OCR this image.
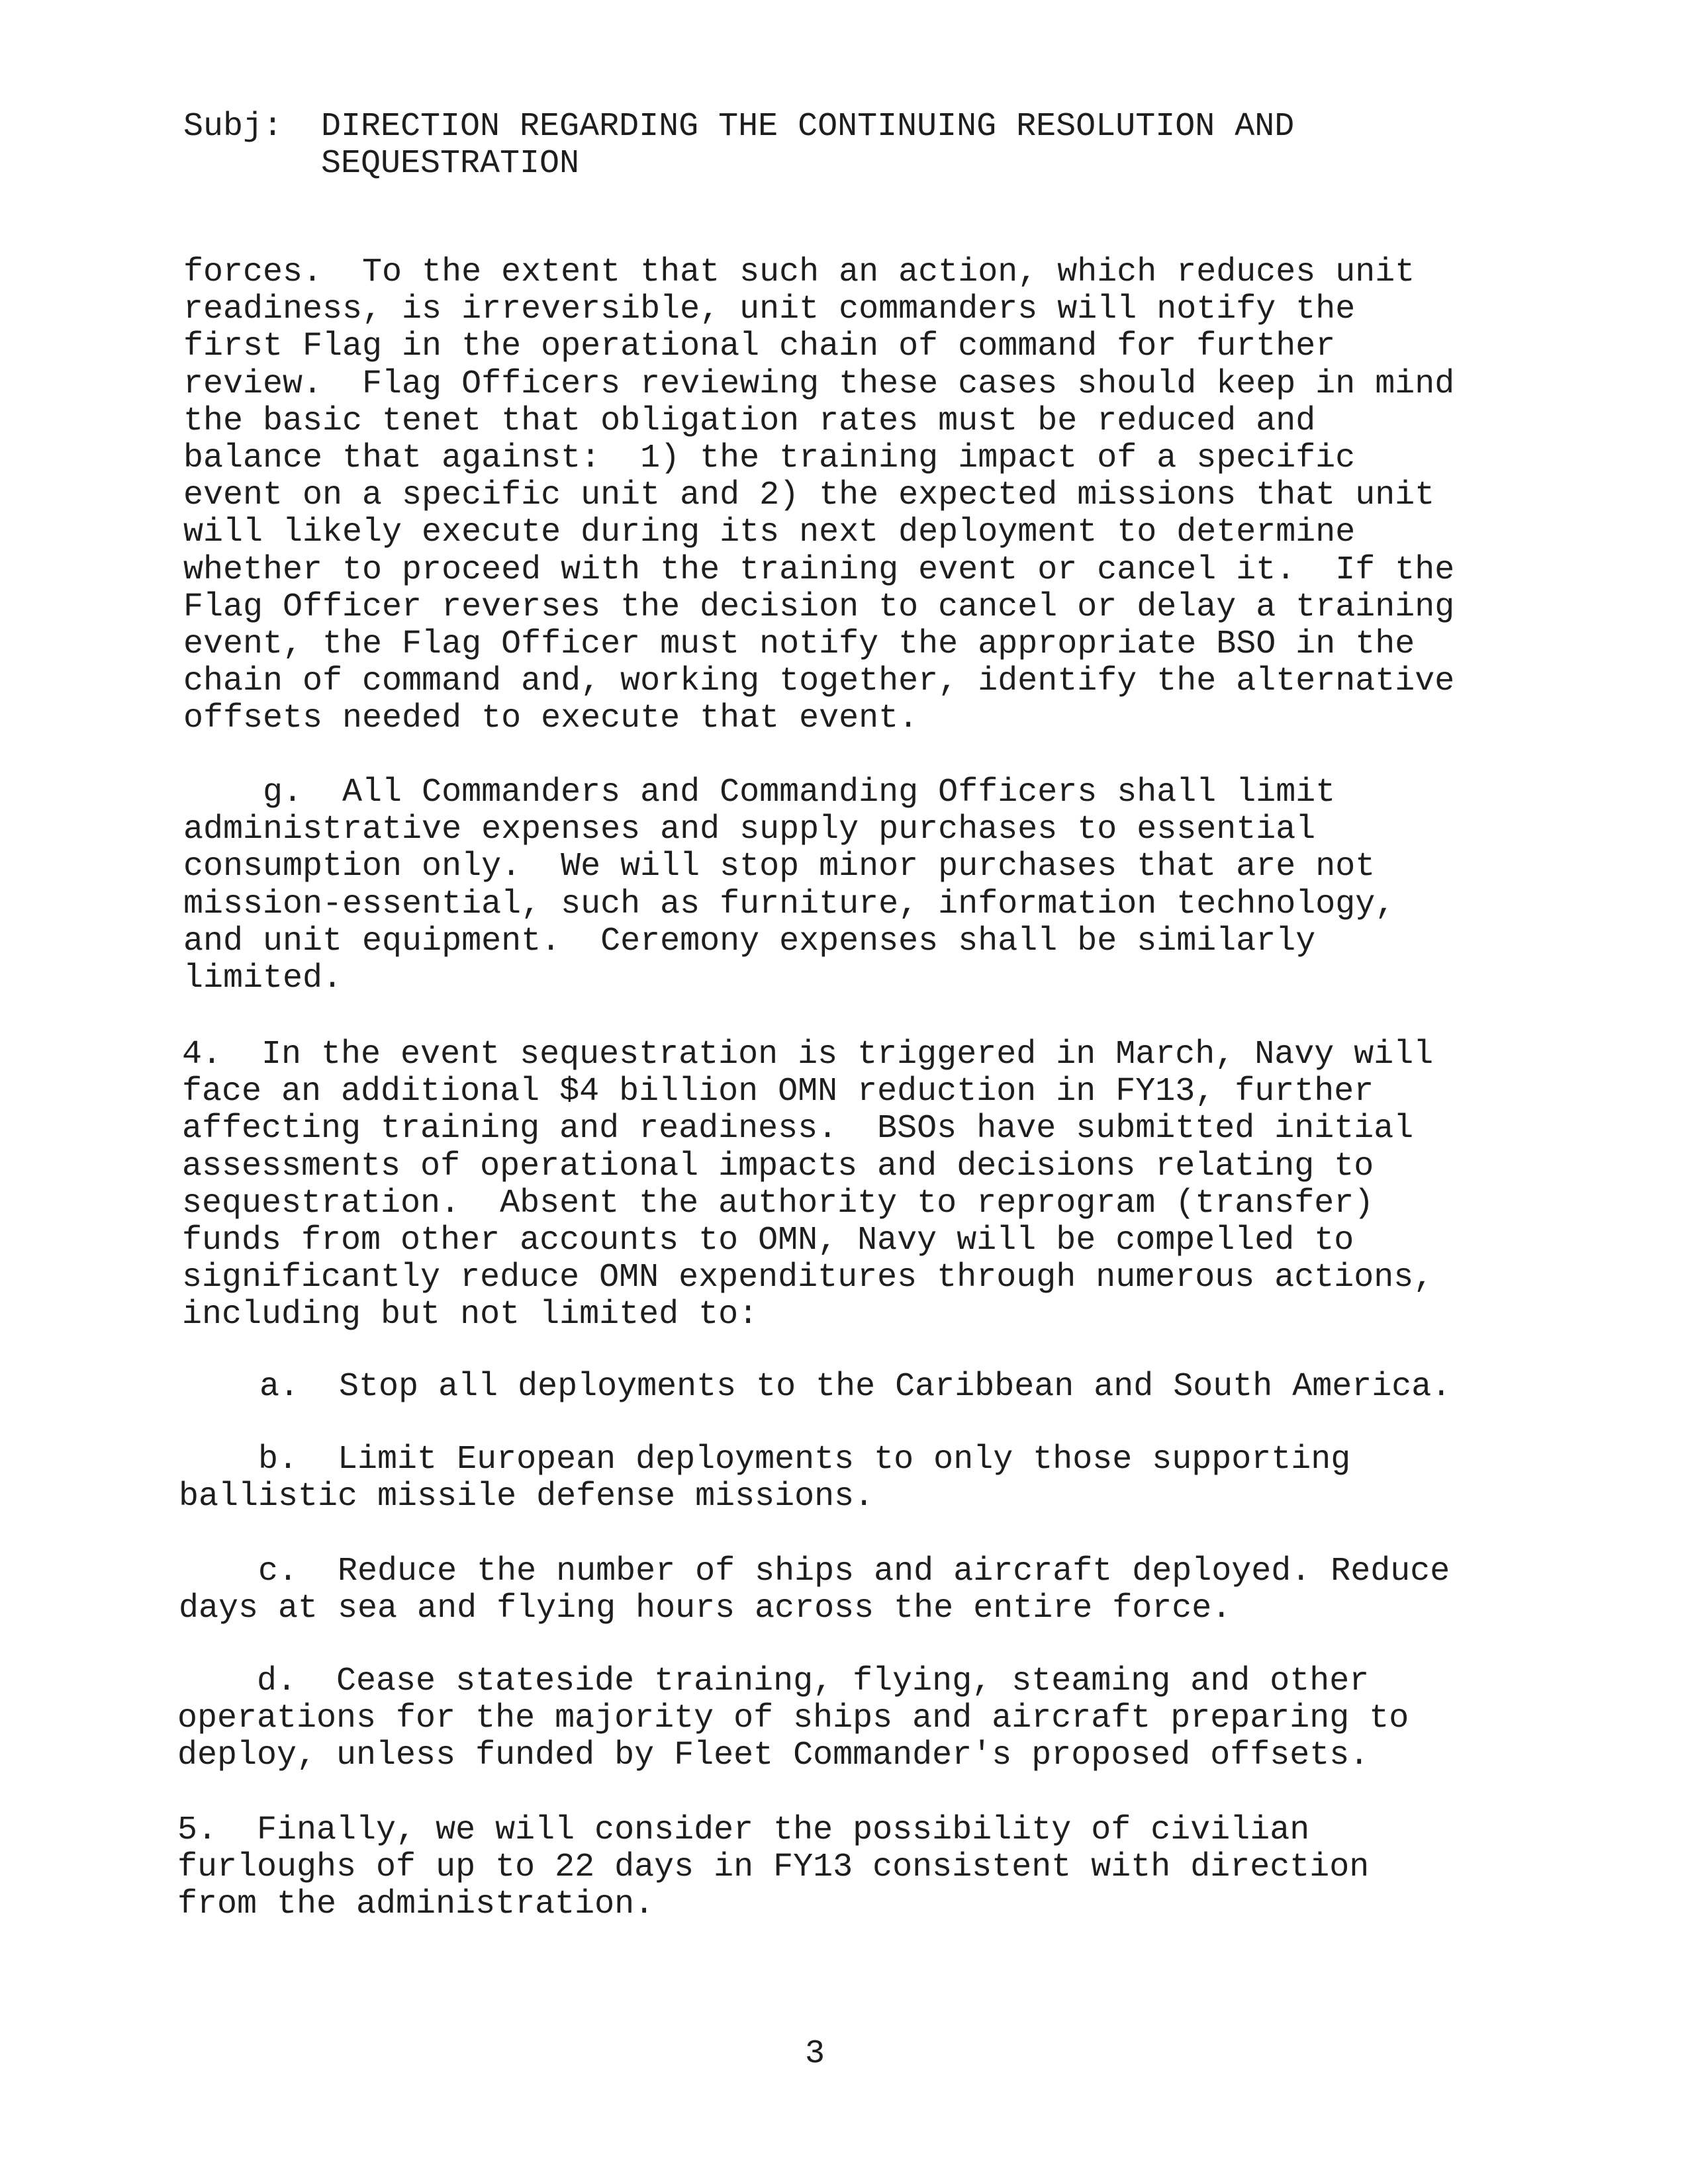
Subj: DIRECTION REGARDING THE CONTINUING RESOLUTION AND
SEQUESTRATION
forces.  To the extent that such an action, which reduces unit
readiness, is irreversible, unit commanders will notify the
first Flag in the operational chain of command for further
review.  Flag Officers reviewing these cases should keep in mind
the basic tenet that obligation rates must be reduced and
balance that against:  1) the training impact of a specific
event on a specific unit and 2) the expected missions that unit
will likely execute during its next deployment to determine
whether to proceed with the training event or cancel it.  If the
Flag Officer reverses the decision to cancel or delay a training
event, the Flag Officer must notify the appropriate BSO in the
chain of command and, working together, identify the alternative
offsets needed to execute that event.
g.  All Commanders and Commanding Officers shall limit
administrative expenses and supply purchases to essential
consumption only.  We will stop minor purchases that are not
mission-essential, such as furniture, information technology,
and unit equipment.  Ceremony expenses shall be similarly
limited.
4.  In the event sequestration is triggered in March, Navy will
face an additional $4 billion OMN reduction in FY13, further
affecting training and readiness.  BSOs have submitted initial
assessments of operational impacts and decisions relating to
sequestration.  Absent the authority to reprogram (transfer)
funds from other accounts to OMN, Navy will be compelled to
significantly reduce OMN expenditures through numerous actions,
including but not limited to:
a.  Stop all deployments to the Caribbean and South America.
b.  Limit European deployments to only those supporting
ballistic missile defense missions.
c.  Reduce the number of ships and aircraft deployed. Reduce
days at sea and flying hours across the entire force.
d.  Cease stateside training, flying, steaming and other
operations for the majority of ships and aircraft preparing to
deploy, unless funded by Fleet Commander's proposed offsets.
5.  Finally, we will consider the possibility of civilian
furloughs of up to 22 days in FY13 consistent with direction
from the administration.
3
